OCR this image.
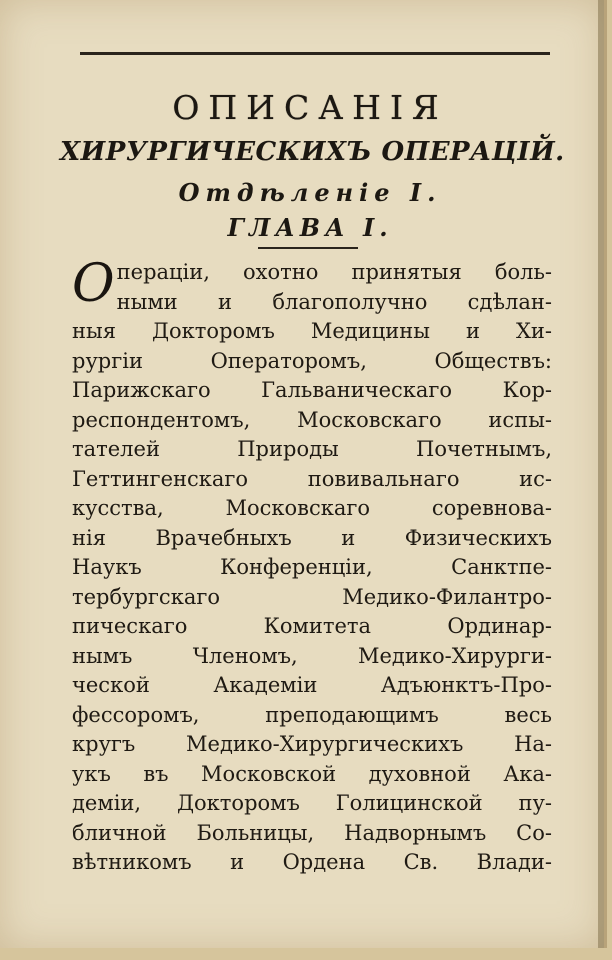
ОПИСАНІЯ
ХИРУРГИЧЕСКИХЪ ОПЕРАЦІЙ.
Отдѣленіе I.
ГЛАВА I.
О перацiи, охотно принятыя боль-
ными и благополучно сдѣлан-
ныя Докторомъ Медицины и Хи-
рургiи Операторомъ, Обществъ:
Парижскаго Гальваническаго Кор-
респондентомъ, Московскаго испы-
тателей Природы Почетнымъ,
Геттингенскаго повивальнаго ис-
кусства, Московскаго соревнова-
нiя Врачебныхъ и Физическихъ
Наукъ Конференцiи, Санктпе-
тербургскаго Медико-Филантро-
пическаго Комитета Ординар-
нымъ Членомъ, Медико-Хирурги-
ческой Академiи Адъюнктъ-Про-
фессоромъ, преподающимъ весь
кругъ Медико-Хирургическихъ На-
укъ въ Московской духовной Ака-
демiи, Докторомъ Голицинской пу-
бличной Больницы, Надворнымъ Со-
вѣтникомъ и Ордена Св. Влади-
